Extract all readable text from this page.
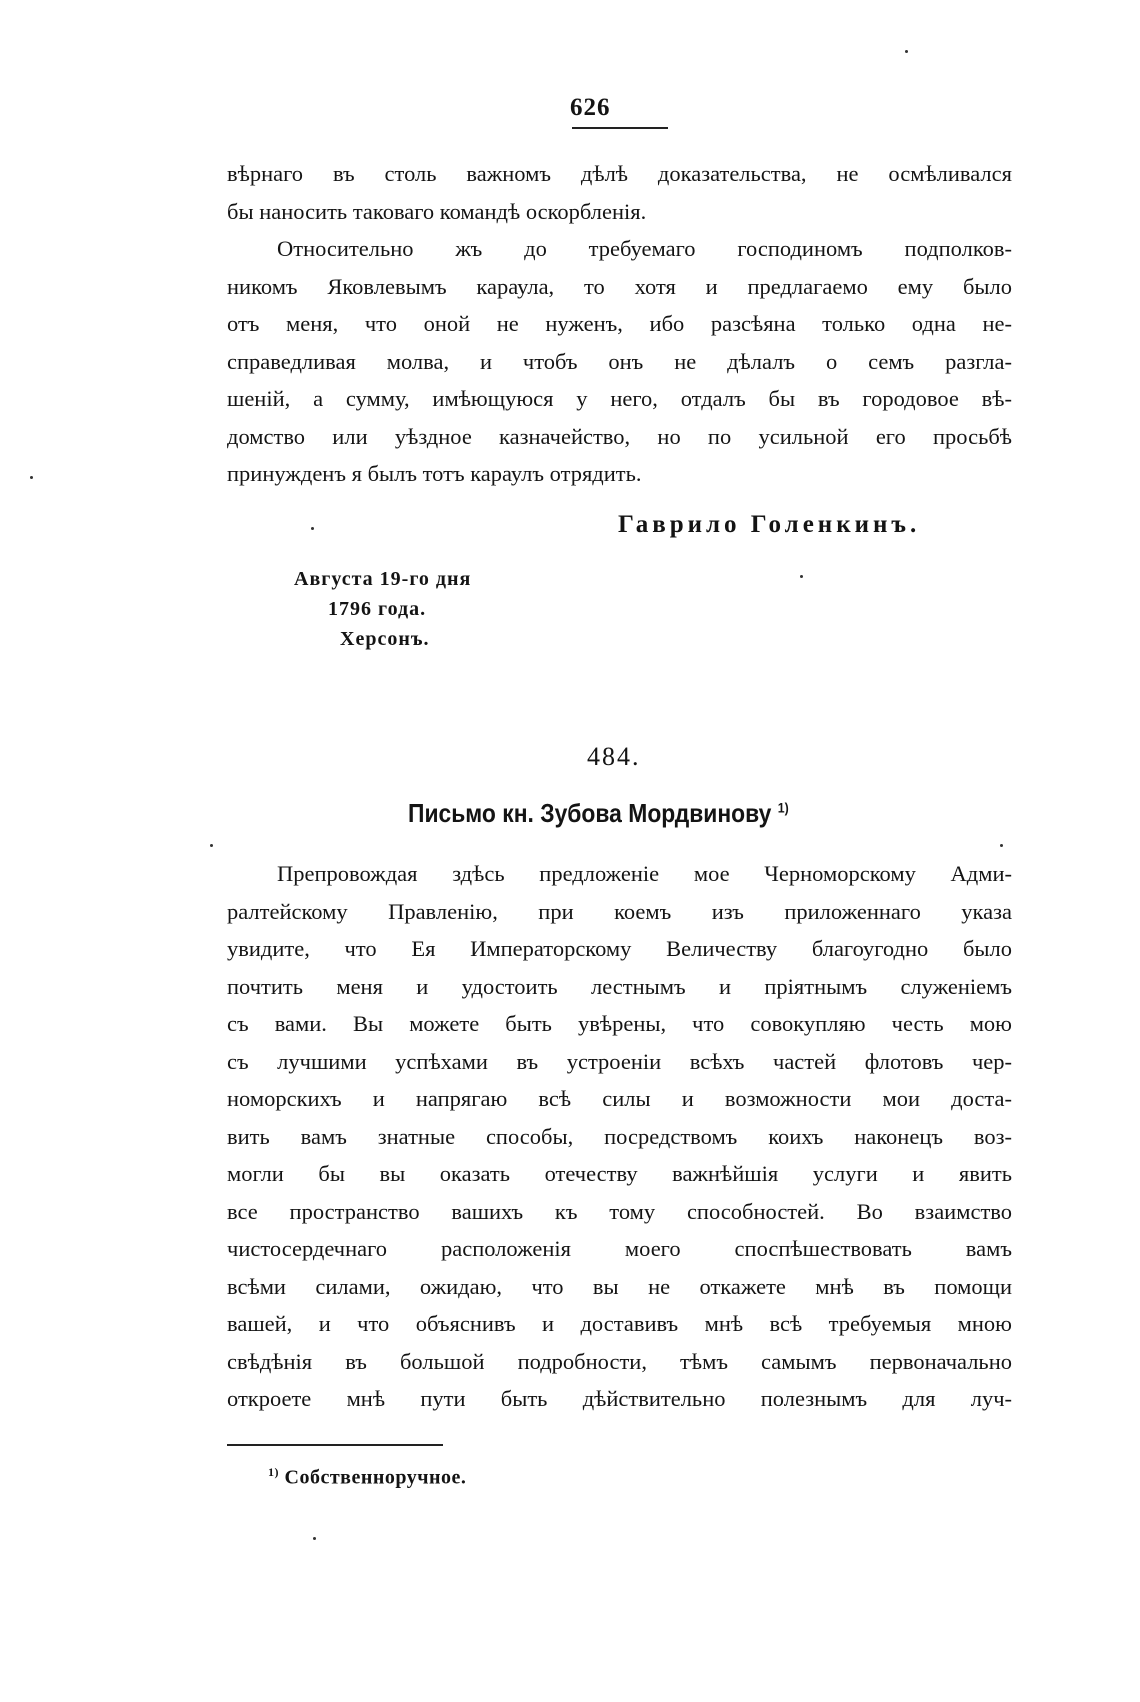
626
вѣрнаго въ столь важномъ дѣлѣ доказательства, не осмѣливался
бы наносить таковаго командѣ оскорбленія.
Относительно жъ до требуемаго господиномъ подполков-
никомъ Яковлевымъ караула, то хотя и предлагаемо ему было
отъ меня, что оной не нуженъ, ибо разсѣяна только одна не-
справедливая молва, и чтобъ онъ не дѣлалъ о семъ разгла-
шеній, а сумму, имѣющуюся у него, отдалъ бы въ городовое вѣ-
домство или уѣздное казначейство, но по усильной его просьбѣ
принужденъ я былъ тотъ караулъ отрядить.
Гаврило Голенкинъ.
Августа 19-го дня
1796 года.
Херсонъ.
484.
Письмо кн. Зубова Мордвинову $^{1)}$
Препровождая здѣсь предложеніе мое Черноморскому Адми-
ралтейскому Правленію, при коемъ изъ приложеннаго указа
увидите, что Ея Императорскому Величеству благоугодно было
почтить меня и удостоить лестнымъ и пріятнымъ служеніемъ
съ вами. Вы можете быть увѣрены, что совокупляю честь мою
съ лучшими успѣхами въ устроеніи всѣхъ частей флотовъ чер-
номорскихъ и напрягаю всѣ силы и возможности мои доста-
вить вамъ знатные способы, посредствомъ коихъ наконецъ воз-
могли бы вы оказать отечеству важнѣйшія услуги и явить
все пространство вашихъ къ тому способностей. Во взаимство
чистосердечнаго расположенія моего споспѣшествовать вамъ
всѣми силами, ожидаю, что вы не откажете мнѣ въ помощи
вашей, и что объяснивъ и доставивъ мнѣ всѣ требуемыя мною
свѣдѣнія въ большой подробности, тѣмъ самымъ первоначально
откроете мнѣ пути быть дѣйствительно полезнымъ для луч-
$^{1)}$ Собственноручное.
